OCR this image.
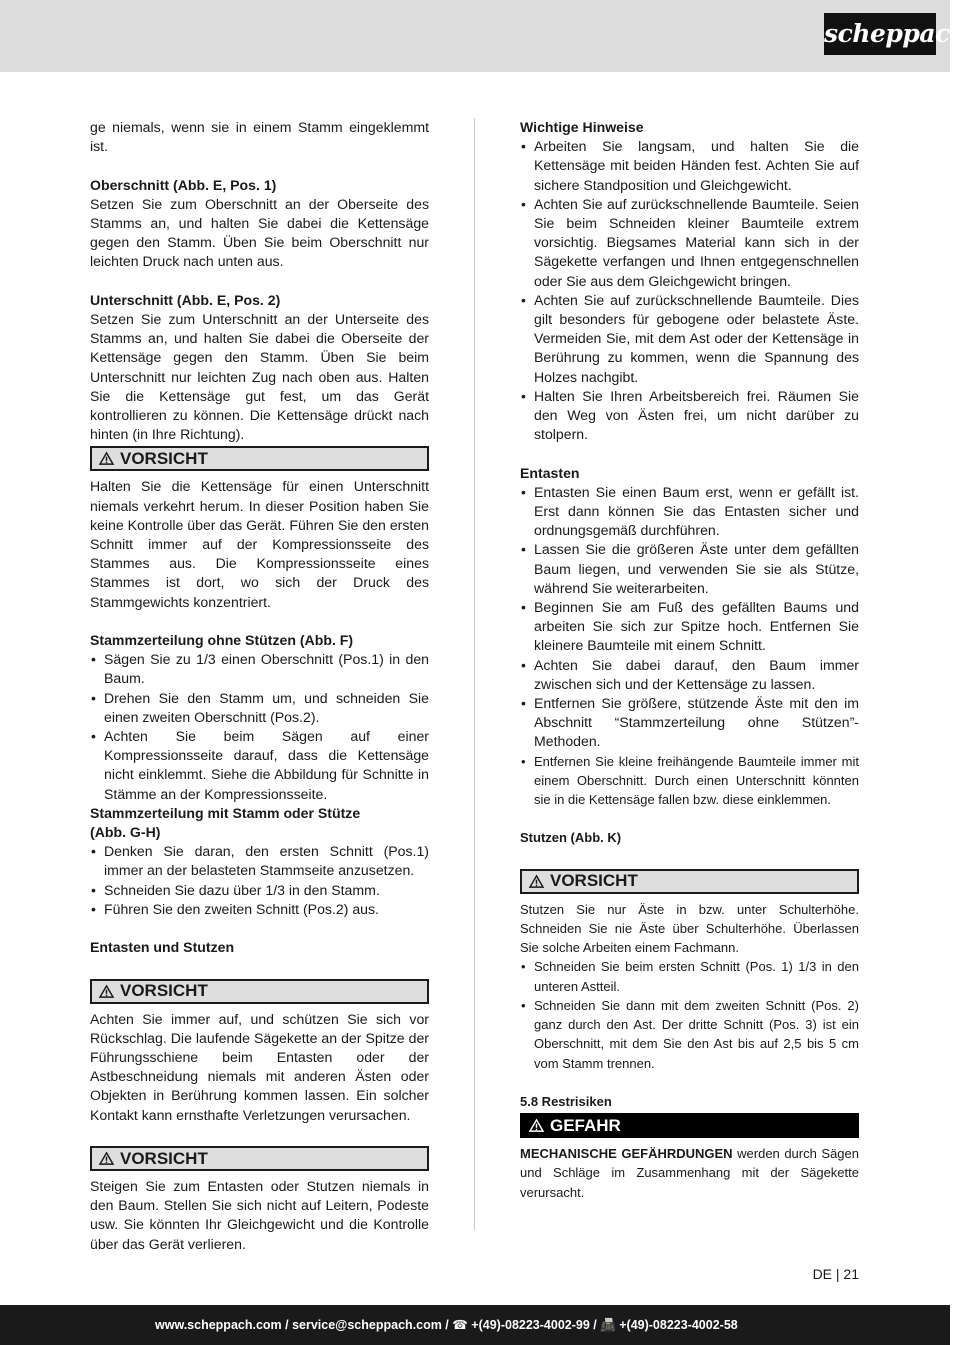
scheppach

ge niemals, wenn sie in einem Stamm eingeklemmt ist.

Oberschnitt (Abb. E, Pos. 1)

Setzen Sie zum Oberschnitt an der Oberseite des Stamms an, und halten Sie dabei die Kettensäge gegen den Stamm. Üben Sie beim Oberschnitt nur leichten Druck nach unten aus.

Unterschnitt (Abb. E, Pos. 2)

Setzen Sie zum Unterschnitt an der Unterseite des Stamms an, und halten Sie dabei die Oberseite der Kettensäge gegen den Stamm. Üben Sie beim Unterschnitt nur leichten Zug nach oben aus. Halten Sie die Kettensäge gut fest, um das Gerät kontrollieren zu können. Die Kettensäge drückt nach hinten (in Ihre Richtung).

VORSICHT

Halten Sie die Kettensäge für einen Unterschnitt niemals verkehrt herum. In dieser Position haben Sie keine Kontrolle über das Gerät. Führen Sie den ersten Schnitt immer auf der Kompressionsseite des Stammes aus. Die Kompressionsseite eines Stammes ist dort, wo sich der Druck des Stammgewichts konzentriert.

Stammzerteilung ohne Stützen (Abb. F)

• Sägen Sie zu 1/3 einen Oberschnitt (Pos.1) in den Baum.
• Drehen Sie den Stamm um, und schneiden Sie einen zweiten Oberschnitt (Pos.2).
• Achten Sie beim Sägen auf einer Kompressionsseite darauf, dass die Kettensäge nicht einklemmt. Siehe die Abbildung für Schnitte in Stämme an der Kompressionsseite.

Stammzerteilung mit Stamm oder Stütze

(Abb. G-H)

• Denken Sie daran, den ersten Schnitt (Pos.1) immer an der belasteten Stammseite anzusetzen.
• Schneiden Sie dazu über 1/3 in den Stamm.
• Führen Sie den zweiten Schnitt (Pos.2) aus.

Entasten und Stutzen

VORSICHT

Achten Sie immer auf, und schützen Sie sich vor Rückschlag. Die laufende Sägekette an der Spitze der Führungsschiene beim Entasten oder der Astbeschneidung niemals mit anderen Ästen oder Objekten in Berührung kommen lassen. Ein solcher Kontakt kann ernsthafte Verletzungen verursachen.

VORSICHT

Steigen Sie zum Entasten oder Stutzen niemals in den Baum. Stellen Sie sich nicht auf Leitern, Podeste usw. Sie könnten Ihr Gleichgewicht und die Kontrolle über das Gerät verlieren.

Wichtige Hinweise

• Arbeiten Sie langsam, und halten Sie die Kettensäge mit beiden Händen fest. Achten Sie auf sichere Standposition und Gleichgewicht.
• Achten Sie auf zurückschnellende Baumteile. Seien Sie beim Schneiden kleiner Baumteile extrem vorsichtig. Biegsames Material kann sich in der Sägekette verfangen und Ihnen entgegenschnellen oder Sie aus dem Gleichgewicht bringen.
• Achten Sie auf zurückschnellende Baumteile. Dies gilt besonders für gebogene oder belastete Äste. Vermeiden Sie, mit dem Ast oder der Kettensäge in Berührung zu kommen, wenn die Spannung des Holzes nachgibt.
• Halten Sie Ihren Arbeitsbereich frei. Räumen Sie den Weg von Ästen frei, um nicht darüber zu stolpern.

Entasten

• Entasten Sie einen Baum erst, wenn er gefällt ist. Erst dann können Sie das Entasten sicher und ordnungsgemäß durchführen.
• Lassen Sie die größeren Äste unter dem gefällten Baum liegen, und verwenden Sie sie als Stütze, während Sie weiterarbeiten.
• Beginnen Sie am Fuß des gefällten Baums und arbeiten Sie sich zur Spitze hoch. Entfernen Sie kleinere Baumteile mit einem Schnitt.
• Achten Sie dabei darauf, den Baum immer zwischen sich und der Kettensäge zu lassen.
• Entfernen Sie größere, stützende Äste mit den im Abschnitt “Stammzerteilung ohne Stützen”-Methoden.
• Entfernen Sie kleine freihängende Baumteile immer mit einem Oberschnitt. Durch einen Unterschnitt könnten sie in die Kettensäge fallen bzw. diese einklemmen.

Stutzen (Abb. K)

VORSICHT

Stutzen Sie nur Äste in bzw. unter Schulterhöhe. Schneiden Sie nie Äste über Schulterhöhe. Überlassen Sie solche Arbeiten einem Fachmann.

• Schneiden Sie beim ersten Schnitt (Pos. 1) 1/3 in den unteren Astteil.
• Schneiden Sie dann mit dem zweiten Schnitt (Pos. 2) ganz durch den Ast. Der dritte Schnitt (Pos. 3) ist ein Oberschnitt, mit dem Sie den Ast bis auf 2,5 bis 5 cm vom Stamm trennen.

5.8 Restrisiken

GEFAHR

MECHANISCHE GEFÄHRDUNGEN werden durch Sägen und Schläge im Zusammenhang mit der Sägekette verursacht.

DE | 21
www.scheppach.com / service@scheppach.com / ☎ +(49)-08223-4002-99 / 📠 +(49)-08223-4002-58
